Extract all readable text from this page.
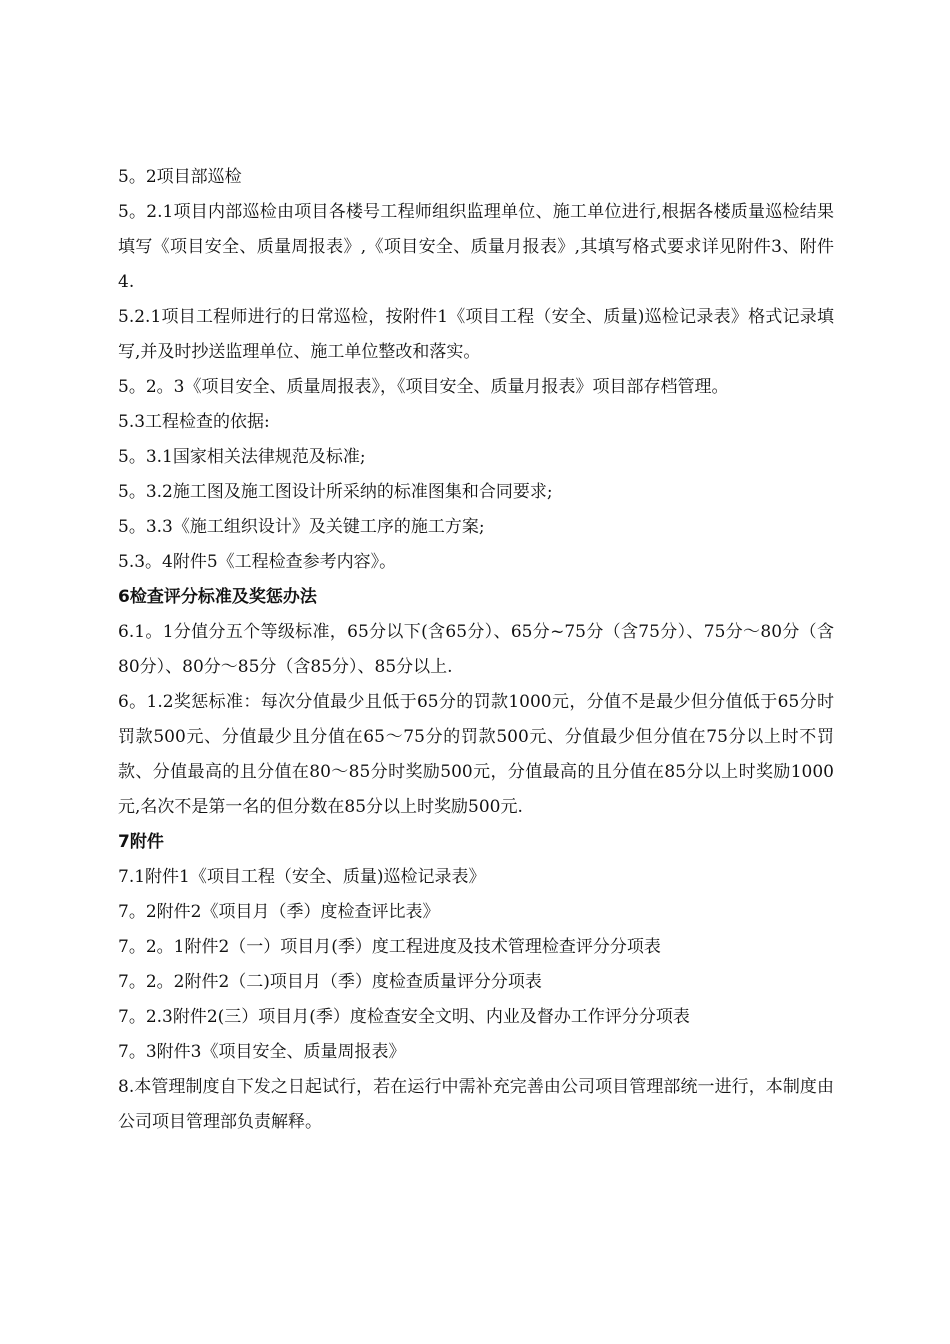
5。2项目部巡检

5。2.1项目内部巡检由项目各楼号工程师组织监理单位、施工单位进行,根据各楼质量巡检结果填写《项目安全、质量周报表》,《项目安全、质量月报表》,其填写格式要求详见附件3、附件4.

5.2.1项目工程师进行的日常巡检，按附件1《项目工程（安全、质量)巡检记录表》格式记录填写,并及时抄送监理单位、施工单位整改和落实。

5。2。3《项目安全、质量周报表》，《项目安全、质量月报表》项目部存档管理。

5.3工程检查的依据:

5。3.1国家相关法律规范及标准;

5。3.2施工图及施工图设计所采纳的标准图集和合同要求;

5。3.3《施工组织设计》及关键工序的施工方案;

5.3。4附件5《工程检查参考内容》。

6检查评分标准及奖惩办法

6.1。1分值分五个等级标准，65分以下(含65分）、65分~75分（含75分）、75分～80分（含80分）、80分～85分（含85分）、85分以上.

6。1.2奖惩标准：每次分值最少且低于65分的罚款1000元，分值不是最少但分值低于65分时罚款500元、分值最少且分值在65～75分的罚款500元、分值最少但分值在75分以上时不罚款、分值最高的且分值在80～85分时奖励500元，分值最高的且分值在85分以上时奖励1000元,名次不是第一名的但分数在85分以上时奖励500元.

7附件

7.1附件1《项目工程（安全、质量)巡检记录表》

7。2附件2《项目月（季）度检查评比表》

7。2。1附件2（一）项目月(季）度工程进度及技术管理检查评分分项表

7。2。2附件2（二)项目月（季）度检查质量评分分项表

7。2.3附件2(三）项目月(季）度检查安全文明、内业及督办工作评分分项表

7。3附件3《项目安全、质量周报表》

8.本管理制度自下发之日起试行，若在运行中需补充完善由公司项目管理部统一进行，本制度由公司项目管理部负责解释。
